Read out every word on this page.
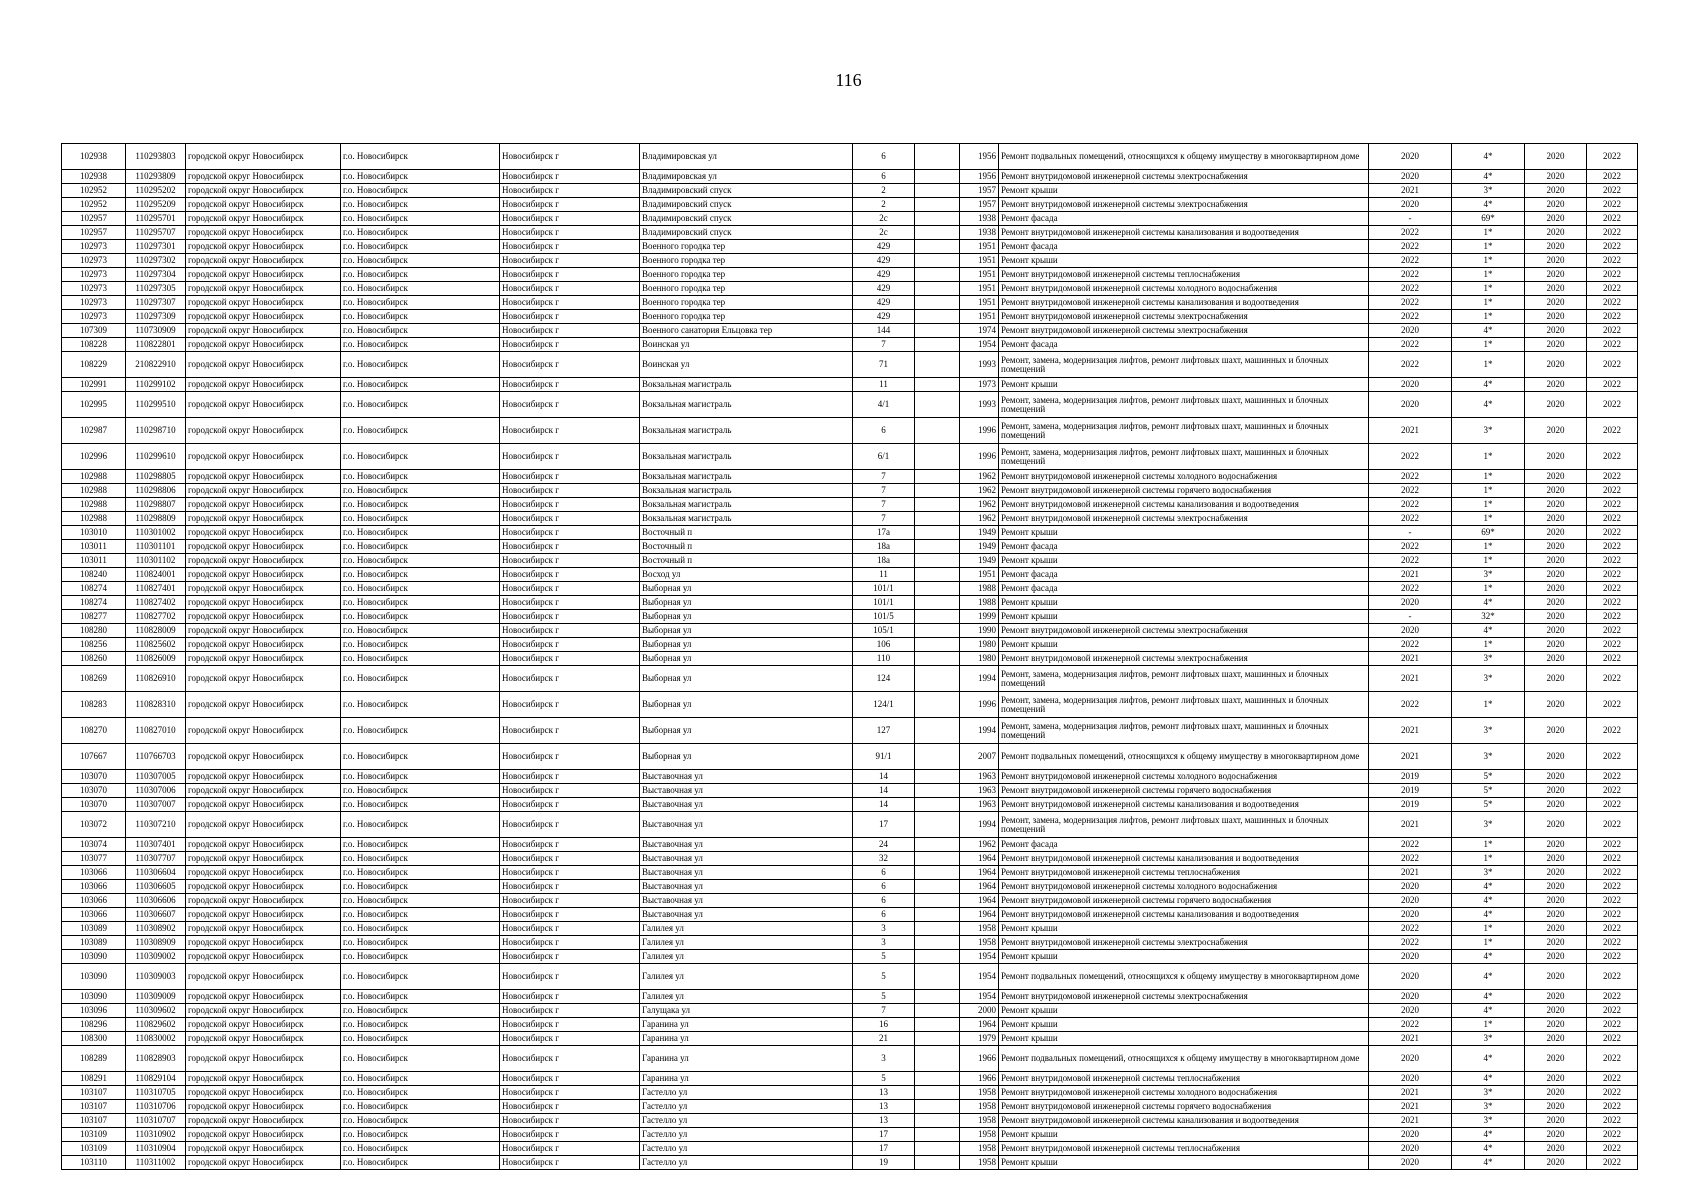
116
102938	110293803	городской округ Новосибирск	г.о. Новосибирск	Новосибирск г	Владимировская ул	6		1956	Ремонт подвальных помещений, относящихся к общему имуществу в многоквартирном доме	2020	4*	2020	2022
102938	110293809	городской округ Новосибирск	г.о. Новосибирск	Новосибирск г	Владимировская ул	6		1956	Ремонт внутридомовой инженерной системы электроснабжения	2020	4*	2020	2022
102952	110295202	городской округ Новосибирск	г.о. Новосибирск	Новосибирск г	Владимировский спуск	2		1957	Ремонт крыши	2021	3*	2020	2022
102952	110295209	городской округ Новосибирск	г.о. Новосибирск	Новосибирск г	Владимировский спуск	2		1957	Ремонт внутридомовой инженерной системы электроснабжения	2020	4*	2020	2022
102957	110295701	городской округ Новосибирск	г.о. Новосибирск	Новосибирск г	Владимировский спуск	2с		1938	Ремонт фасада	-	69*	2020	2022
102957	110295707	городской округ Новосибирск	г.о. Новосибирск	Новосибирск г	Владимировский спуск	2с		1938	Ремонт внутридомовой инженерной системы канализования и водоотведения	2022	1*	2020	2022
102973	110297301	городской округ Новосибирск	г.о. Новосибирск	Новосибирск г	Военного городка тер	429		1951	Ремонт фасада	2022	1*	2020	2022
102973	110297302	городской округ Новосибирск	г.о. Новосибирск	Новосибирск г	Военного городка тер	429		1951	Ремонт крыши	2022	1*	2020	2022
102973	110297304	городской округ Новосибирск	г.о. Новосибирск	Новосибирск г	Военного городка тер	429		1951	Ремонт внутридомовой инженерной системы теплоснабжения	2022	1*	2020	2022
102973	110297305	городской округ Новосибирск	г.о. Новосибирск	Новосибирск г	Военного городка тер	429		1951	Ремонт внутридомовой инженерной системы холодного водоснабжения	2022	1*	2020	2022
102973	110297307	городской округ Новосибирск	г.о. Новосибирск	Новосибирск г	Военного городка тер	429		1951	Ремонт внутридомовой инженерной системы канализования и водоотведения	2022	1*	2020	2022
102973	110297309	городской округ Новосибирск	г.о. Новосибирск	Новосибирск г	Военного городка тер	429		1951	Ремонт внутридомовой инженерной системы электроснабжения	2022	1*	2020	2022
107309	110730909	городской округ Новосибирск	г.о. Новосибирск	Новосибирск г	Военного санатория Ельцовка тер	144		1974	Ремонт внутридомовой инженерной системы электроснабжения	2020	4*	2020	2022
108228	110822801	городской округ Новосибирск	г.о. Новосибирск	Новосибирск г	Воинская ул	7		1954	Ремонт фасада	2022	1*	2020	2022
108229	210822910	городской округ Новосибирск	г.о. Новосибирск	Новосибирск г	Воинская ул	71		1993	Ремонт, замена, модернизация лифтов, ремонт лифтовых шахт, машинных и блочных помещений	2022	1*	2020	2022
102991	110299102	городской округ Новосибирск	г.о. Новосибирск	Новосибирск г	Вокзальная магистраль	11		1973	Ремонт крыши	2020	4*	2020	2022
102995	110299510	городской округ Новосибирск	г.о. Новосибирск	Новосибирск г	Вокзальная магистраль	4/1		1993	Ремонт, замена, модернизация лифтов, ремонт лифтовых шахт, машинных и блочных помещений	2020	4*	2020	2022
102987	110298710	городской округ Новосибирск	г.о. Новосибирск	Новосибирск г	Вокзальная магистраль	6		1996	Ремонт, замена, модернизация лифтов, ремонт лифтовых шахт, машинных и блочных помещений	2021	3*	2020	2022
102996	110299610	городской округ Новосибирск	г.о. Новосибирск	Новосибирск г	Вокзальная магистраль	6/1		1996	Ремонт, замена, модернизация лифтов, ремонт лифтовых шахт, машинных и блочных помещений	2022	1*	2020	2022
102988	110298805	городской округ Новосибирск	г.о. Новосибирск	Новосибирск г	Вокзальная магистраль	7		1962	Ремонт внутридомовой инженерной системы холодного водоснабжения	2022	1*	2020	2022
102988	110298806	городской округ Новосибирск	г.о. Новосибирск	Новосибирск г	Вокзальная магистраль	7		1962	Ремонт внутридомовой инженерной системы горячего водоснабжения	2022	1*	2020	2022
102988	110298807	городской округ Новосибирск	г.о. Новосибирск	Новосибирск г	Вокзальная магистраль	7		1962	Ремонт внутридомовой инженерной системы канализования и водоотведения	2022	1*	2020	2022
102988	110298809	городской округ Новосибирск	г.о. Новосибирск	Новосибирск г	Вокзальная магистраль	7		1962	Ремонт внутридомовой инженерной системы электроснабжения	2022	1*	2020	2022
103010	110301002	городской округ Новосибирск	г.о. Новосибирск	Новосибирск г	Восточный п	17а		1949	Ремонт крыши	-	69*	2020	2022
103011	110301101	городской округ Новосибирск	г.о. Новосибирск	Новосибирск г	Восточный п	18а		1949	Ремонт фасада	2022	1*	2020	2022
103011	110301102	городской округ Новосибирск	г.о. Новосибирск	Новосибирск г	Восточный п	18а		1949	Ремонт крыши	2022	1*	2020	2022
108240	110824001	городской округ Новосибирск	г.о. Новосибирск	Новосибирск г	Восход ул	11		1951	Ремонт фасада	2021	3*	2020	2022
108274	110827401	городской округ Новосибирск	г.о. Новосибирск	Новосибирск г	Выборная ул	101/1		1988	Ремонт фасада	2022	1*	2020	2022
108274	110827402	городской округ Новосибирск	г.о. Новосибирск	Новосибирск г	Выборная ул	101/1		1988	Ремонт крыши	2020	4*	2020	2022
108277	110827702	городской округ Новосибирск	г.о. Новосибирск	Новосибирск г	Выборная ул	101/5		1999	Ремонт крыши	-	32*	2020	2022
108280	110828009	городской округ Новосибирск	г.о. Новосибирск	Новосибирск г	Выборная ул	105/1		1990	Ремонт внутридомовой инженерной системы электроснабжения	2020	4*	2020	2022
108256	110825602	городской округ Новосибирск	г.о. Новосибирск	Новосибирск г	Выборная ул	106		1980	Ремонт крыши	2022	1*	2020	2022
108260	110826009	городской округ Новосибирск	г.о. Новосибирск	Новосибирск г	Выборная ул	110		1980	Ремонт внутридомовой инженерной системы электроснабжения	2021	3*	2020	2022
108269	110826910	городской округ Новосибирск	г.о. Новосибирск	Новосибирск г	Выборная ул	124		1994	Ремонт, замена, модернизация лифтов, ремонт лифтовых шахт, машинных и блочных помещений	2021	3*	2020	2022
108283	110828310	городской округ Новосибирск	г.о. Новосибирск	Новосибирск г	Выборная ул	124/1		1996	Ремонт, замена, модернизация лифтов, ремонт лифтовых шахт, машинных и блочных помещений	2022	1*	2020	2022
108270	110827010	городской округ Новосибирск	г.о. Новосибирск	Новосибирск г	Выборная ул	127		1994	Ремонт, замена, модернизация лифтов, ремонт лифтовых шахт, машинных и блочных помещений	2021	3*	2020	2022
107667	110766703	городской округ Новосибирск	г.о. Новосибирск	Новосибирск г	Выборная ул	91/1		2007	Ремонт подвальных помещений, относящихся к общему имуществу в многоквартирном доме	2021	3*	2020	2022
103070	110307005	городской округ Новосибирск	г.о. Новосибирск	Новосибирск г	Выставочная ул	14		1963	Ремонт внутридомовой инженерной системы холодного водоснабжения	2019	5*	2020	2022
103070	110307006	городской округ Новосибирск	г.о. Новосибирск	Новосибирск г	Выставочная ул	14		1963	Ремонт внутридомовой инженерной системы горячего водоснабжения	2019	5*	2020	2022
103070	110307007	городской округ Новосибирск	г.о. Новосибирск	Новосибирск г	Выставочная ул	14		1963	Ремонт внутридомовой инженерной системы канализования и водоотведения	2019	5*	2020	2022
103072	110307210	городской округ Новосибирск	г.о. Новосибирск	Новосибирск г	Выставочная ул	17		1994	Ремонт, замена, модернизация лифтов, ремонт лифтовых шахт, машинных и блочных помещений	2021	3*	2020	2022
103074	110307401	городской округ Новосибирск	г.о. Новосибирск	Новосибирск г	Выставочная ул	24		1962	Ремонт фасада	2022	1*	2020	2022
103077	110307707	городской округ Новосибирск	г.о. Новосибирск	Новосибирск г	Выставочная ул	32		1964	Ремонт внутридомовой инженерной системы канализования и водоотведения	2022	1*	2020	2022
103066	110306604	городской округ Новосибирск	г.о. Новосибирск	Новосибирск г	Выставочная ул	6		1964	Ремонт внутридомовой инженерной системы теплоснабжения	2021	3*	2020	2022
103066	110306605	городской округ Новосибирск	г.о. Новосибирск	Новосибирск г	Выставочная ул	6		1964	Ремонт внутридомовой инженерной системы холодного водоснабжения	2020	4*	2020	2022
103066	110306606	городской округ Новосибирск	г.о. Новосибирск	Новосибирск г	Выставочная ул	6		1964	Ремонт внутридомовой инженерной системы горячего водоснабжения	2020	4*	2020	2022
103066	110306607	городской округ Новосибирск	г.о. Новосибирск	Новосибирск г	Выставочная ул	6		1964	Ремонт внутридомовой инженерной системы канализования и водоотведения	2020	4*	2020	2022
103089	110308902	городской округ Новосибирск	г.о. Новосибирск	Новосибирск г	Галилея ул	3		1958	Ремонт крыши	2022	1*	2020	2022
103089	110308909	городской округ Новосибирск	г.о. Новосибирск	Новосибирск г	Галилея ул	3		1958	Ремонт внутридомовой инженерной системы электроснабжения	2022	1*	2020	2022
103090	110309002	городской округ Новосибирск	г.о. Новосибирск	Новосибирск г	Галилея ул	5		1954	Ремонт крыши	2020	4*	2020	2022
103090	110309003	городской округ Новосибирск	г.о. Новосибирск	Новосибирск г	Галилея ул	5		1954	Ремонт подвальных помещений, относящихся к общему имуществу в многоквартирном доме	2020	4*	2020	2022
103090	110309009	городской округ Новосибирск	г.о. Новосибирск	Новосибирск г	Галилея ул	5		1954	Ремонт внутридомовой инженерной системы электроснабжения	2020	4*	2020	2022
103096	110309602	городской округ Новосибирск	г.о. Новосибирск	Новосибирск г	Галущака ул	7		2000	Ремонт крыши	2020	4*	2020	2022
108296	110829602	городской округ Новосибирск	г.о. Новосибирск	Новосибирск г	Гаранина ул	16		1964	Ремонт крыши	2022	1*	2020	2022
108300	110830002	городской округ Новосибирск	г.о. Новосибирск	Новосибирск г	Гаранина ул	21		1979	Ремонт крыши	2021	3*	2020	2022
108289	110828903	городской округ Новосибирск	г.о. Новосибирск	Новосибирск г	Гаранина ул	3		1966	Ремонт подвальных помещений, относящихся к общему имуществу в многоквартирном доме	2020	4*	2020	2022
108291	110829104	городской округ Новосибирск	г.о. Новосибирск	Новосибирск г	Гаранина ул	5		1966	Ремонт внутридомовой инженерной системы теплоснабжения	2020	4*	2020	2022
103107	110310705	городской округ Новосибирск	г.о. Новосибирск	Новосибирск г	Гастелло ул	13		1958	Ремонт внутридомовой инженерной системы холодного водоснабжения	2021	3*	2020	2022
103107	110310706	городской округ Новосибирск	г.о. Новосибирск	Новосибирск г	Гастелло ул	13		1958	Ремонт внутридомовой инженерной системы горячего водоснабжения	2021	3*	2020	2022
103107	110310707	городской округ Новосибирск	г.о. Новосибирск	Новосибирск г	Гастелло ул	13		1958	Ремонт внутридомовой инженерной системы канализования и водоотведения	2021	3*	2020	2022
103109	110310902	городской округ Новосибирск	г.о. Новосибирск	Новосибирск г	Гастелло ул	17		1958	Ремонт крыши	2020	4*	2020	2022
103109	110310904	городской округ Новосибирск	г.о. Новосибирск	Новосибирск г	Гастелло ул	17		1958	Ремонт внутридомовой инженерной системы теплоснабжения	2020	4*	2020	2022
103110	110311002	городской округ Новосибирск	г.о. Новосибирск	Новосибирск г	Гастелло ул	19		1958	Ремонт крыши	2020	4*	2020	2022
